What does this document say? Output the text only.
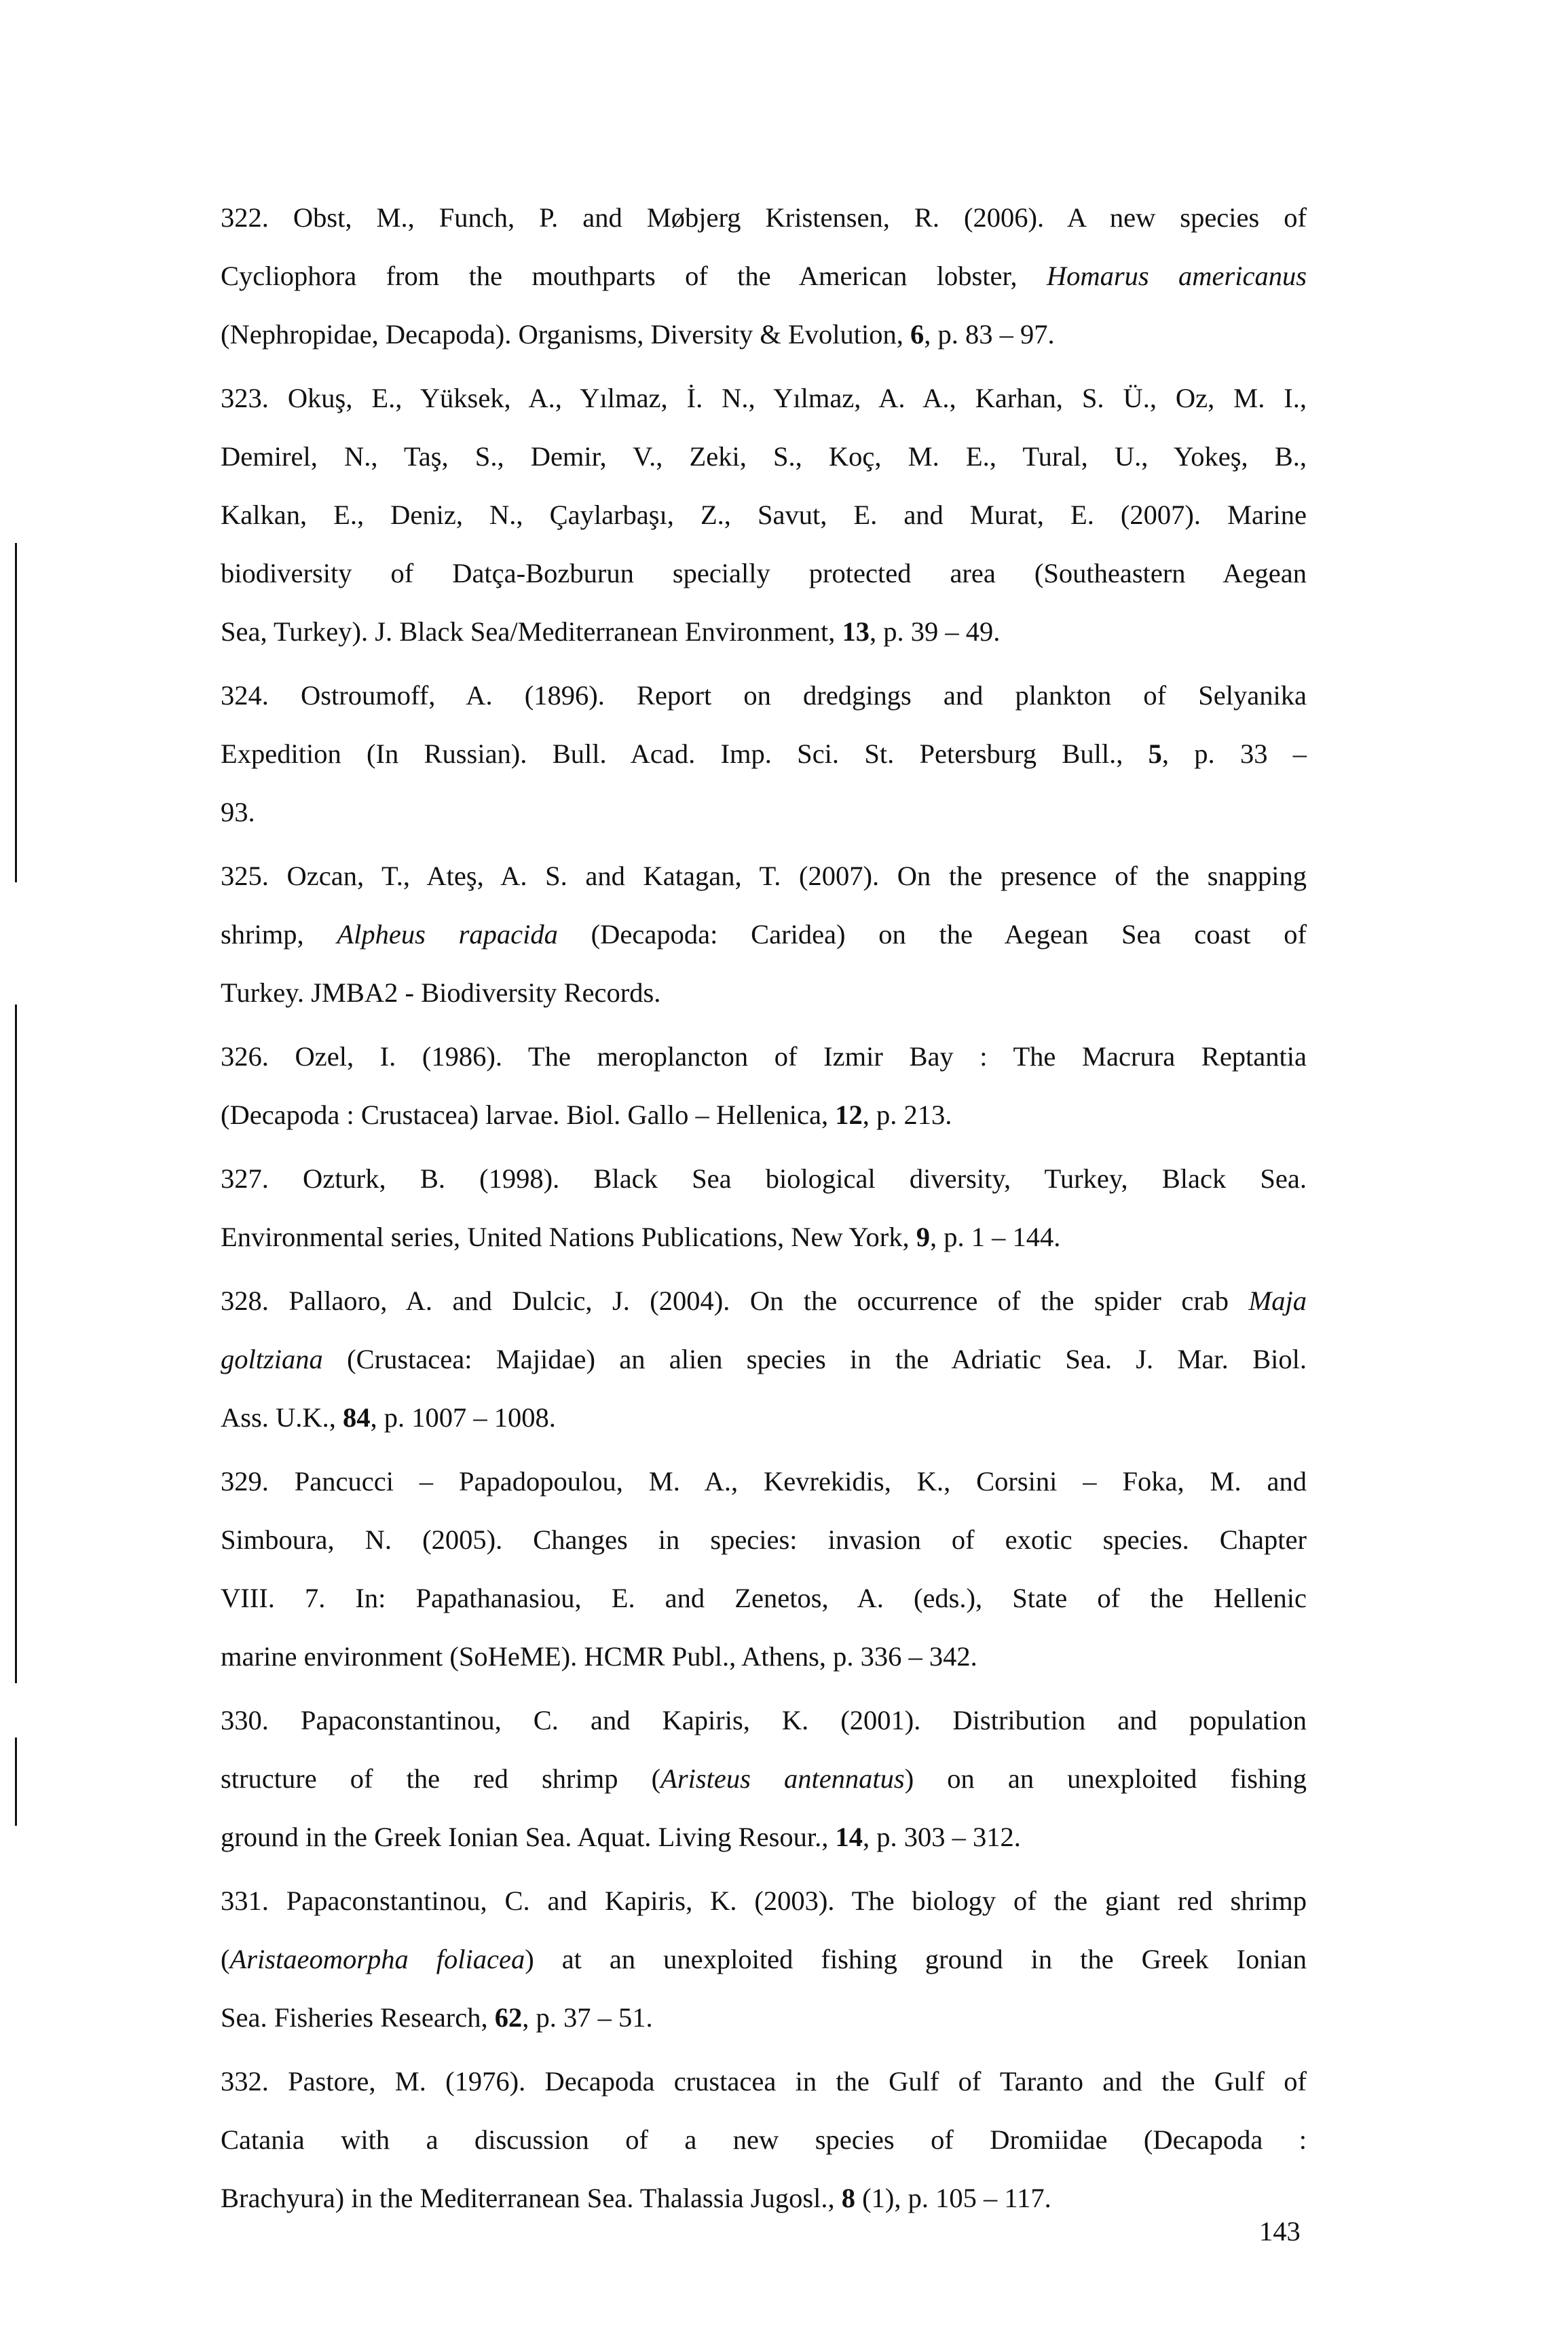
322. Obst, M., Funch, P. and Møbjerg Kristensen, R. (2006). A new species of
Cycliophora from the mouthparts of the American lobster, Homarus americanus
(Nephropidae, Decapoda). Organisms, Diversity & Evolution, 6, p. 83 – 97.
323. Okuş, E., Yüksek, A., Yılmaz, İ. N., Yılmaz, A. A., Karhan, S. Ü., Oz, M. I.,
Demirel, N., Taş, S., Demir, V., Zeki, S., Koç, M. E., Tural, U., Yokeş, B.,
Kalkan, E., Deniz, N., Çaylarbaşı, Z., Savut, E. and Murat, E. (2007). Marine
biodiversity of Datça-Bozburun specially protected area (Southeastern Aegean
Sea, Turkey). J. Black Sea/Mediterranean Environment, 13, p. 39 – 49.
324. Ostroumoff, A. (1896). Report on dredgings and plankton of Selyanika
Expedition (In Russian). Bull. Acad. Imp. Sci. St. Petersburg Bull., 5, p. 33 –
93.
325. Ozcan, T., Ateş, A. S. and Katagan, T. (2007). On the presence of the snapping
shrimp, Alpheus rapacida (Decapoda: Caridea) on the Aegean Sea coast of
Turkey. JMBA2 - Biodiversity Records.
326. Ozel, I. (1986). The meroplancton of Izmir Bay : The Macrura Reptantia
(Decapoda : Crustacea) larvae. Biol. Gallo – Hellenica, 12, p. 213.
327. Ozturk, B. (1998). Black Sea biological diversity, Turkey, Black Sea.
Environmental series, United Nations Publications, New York, 9, p. 1 – 144.
328. Pallaoro, A. and Dulcic, J. (2004). On the occurrence of the spider crab Maja
goltziana (Crustacea: Majidae) an alien species in the Adriatic Sea. J. Mar. Biol.
Ass. U.K., 84, p. 1007 – 1008.
329. Pancucci – Papadopoulou, M. A., Kevrekidis, K., Corsini – Foka, M. and
Simboura, N. (2005). Changes in species: invasion of exotic species. Chapter
VIII. 7. In: Papathanasiou, E. and Zenetos, A. (eds.), State of the Hellenic
marine environment (SoHeME). HCMR Publ., Athens, p. 336 – 342.
330. Papaconstantinou, C. and Kapiris, K. (2001). Distribution and population
structure of the red shrimp (Aristeus antennatus) on an unexploited fishing
ground in the Greek Ionian Sea. Aquat. Living Resour., 14, p. 303 – 312.
331. Papaconstantinou, C. and Kapiris, K. (2003). The biology of the giant red shrimp
(Aristaeomorpha foliacea) at an unexploited fishing ground in the Greek Ionian
Sea. Fisheries Research, 62, p. 37 – 51.
332. Pastore, M. (1976). Decapoda crustacea in the Gulf of Taranto and the Gulf of
Catania with a discussion of a new species of Dromiidae (Decapoda :
Brachyura) in the Mediterranean Sea. Thalassia Jugosl., 8 (1), p. 105 – 117.
143
